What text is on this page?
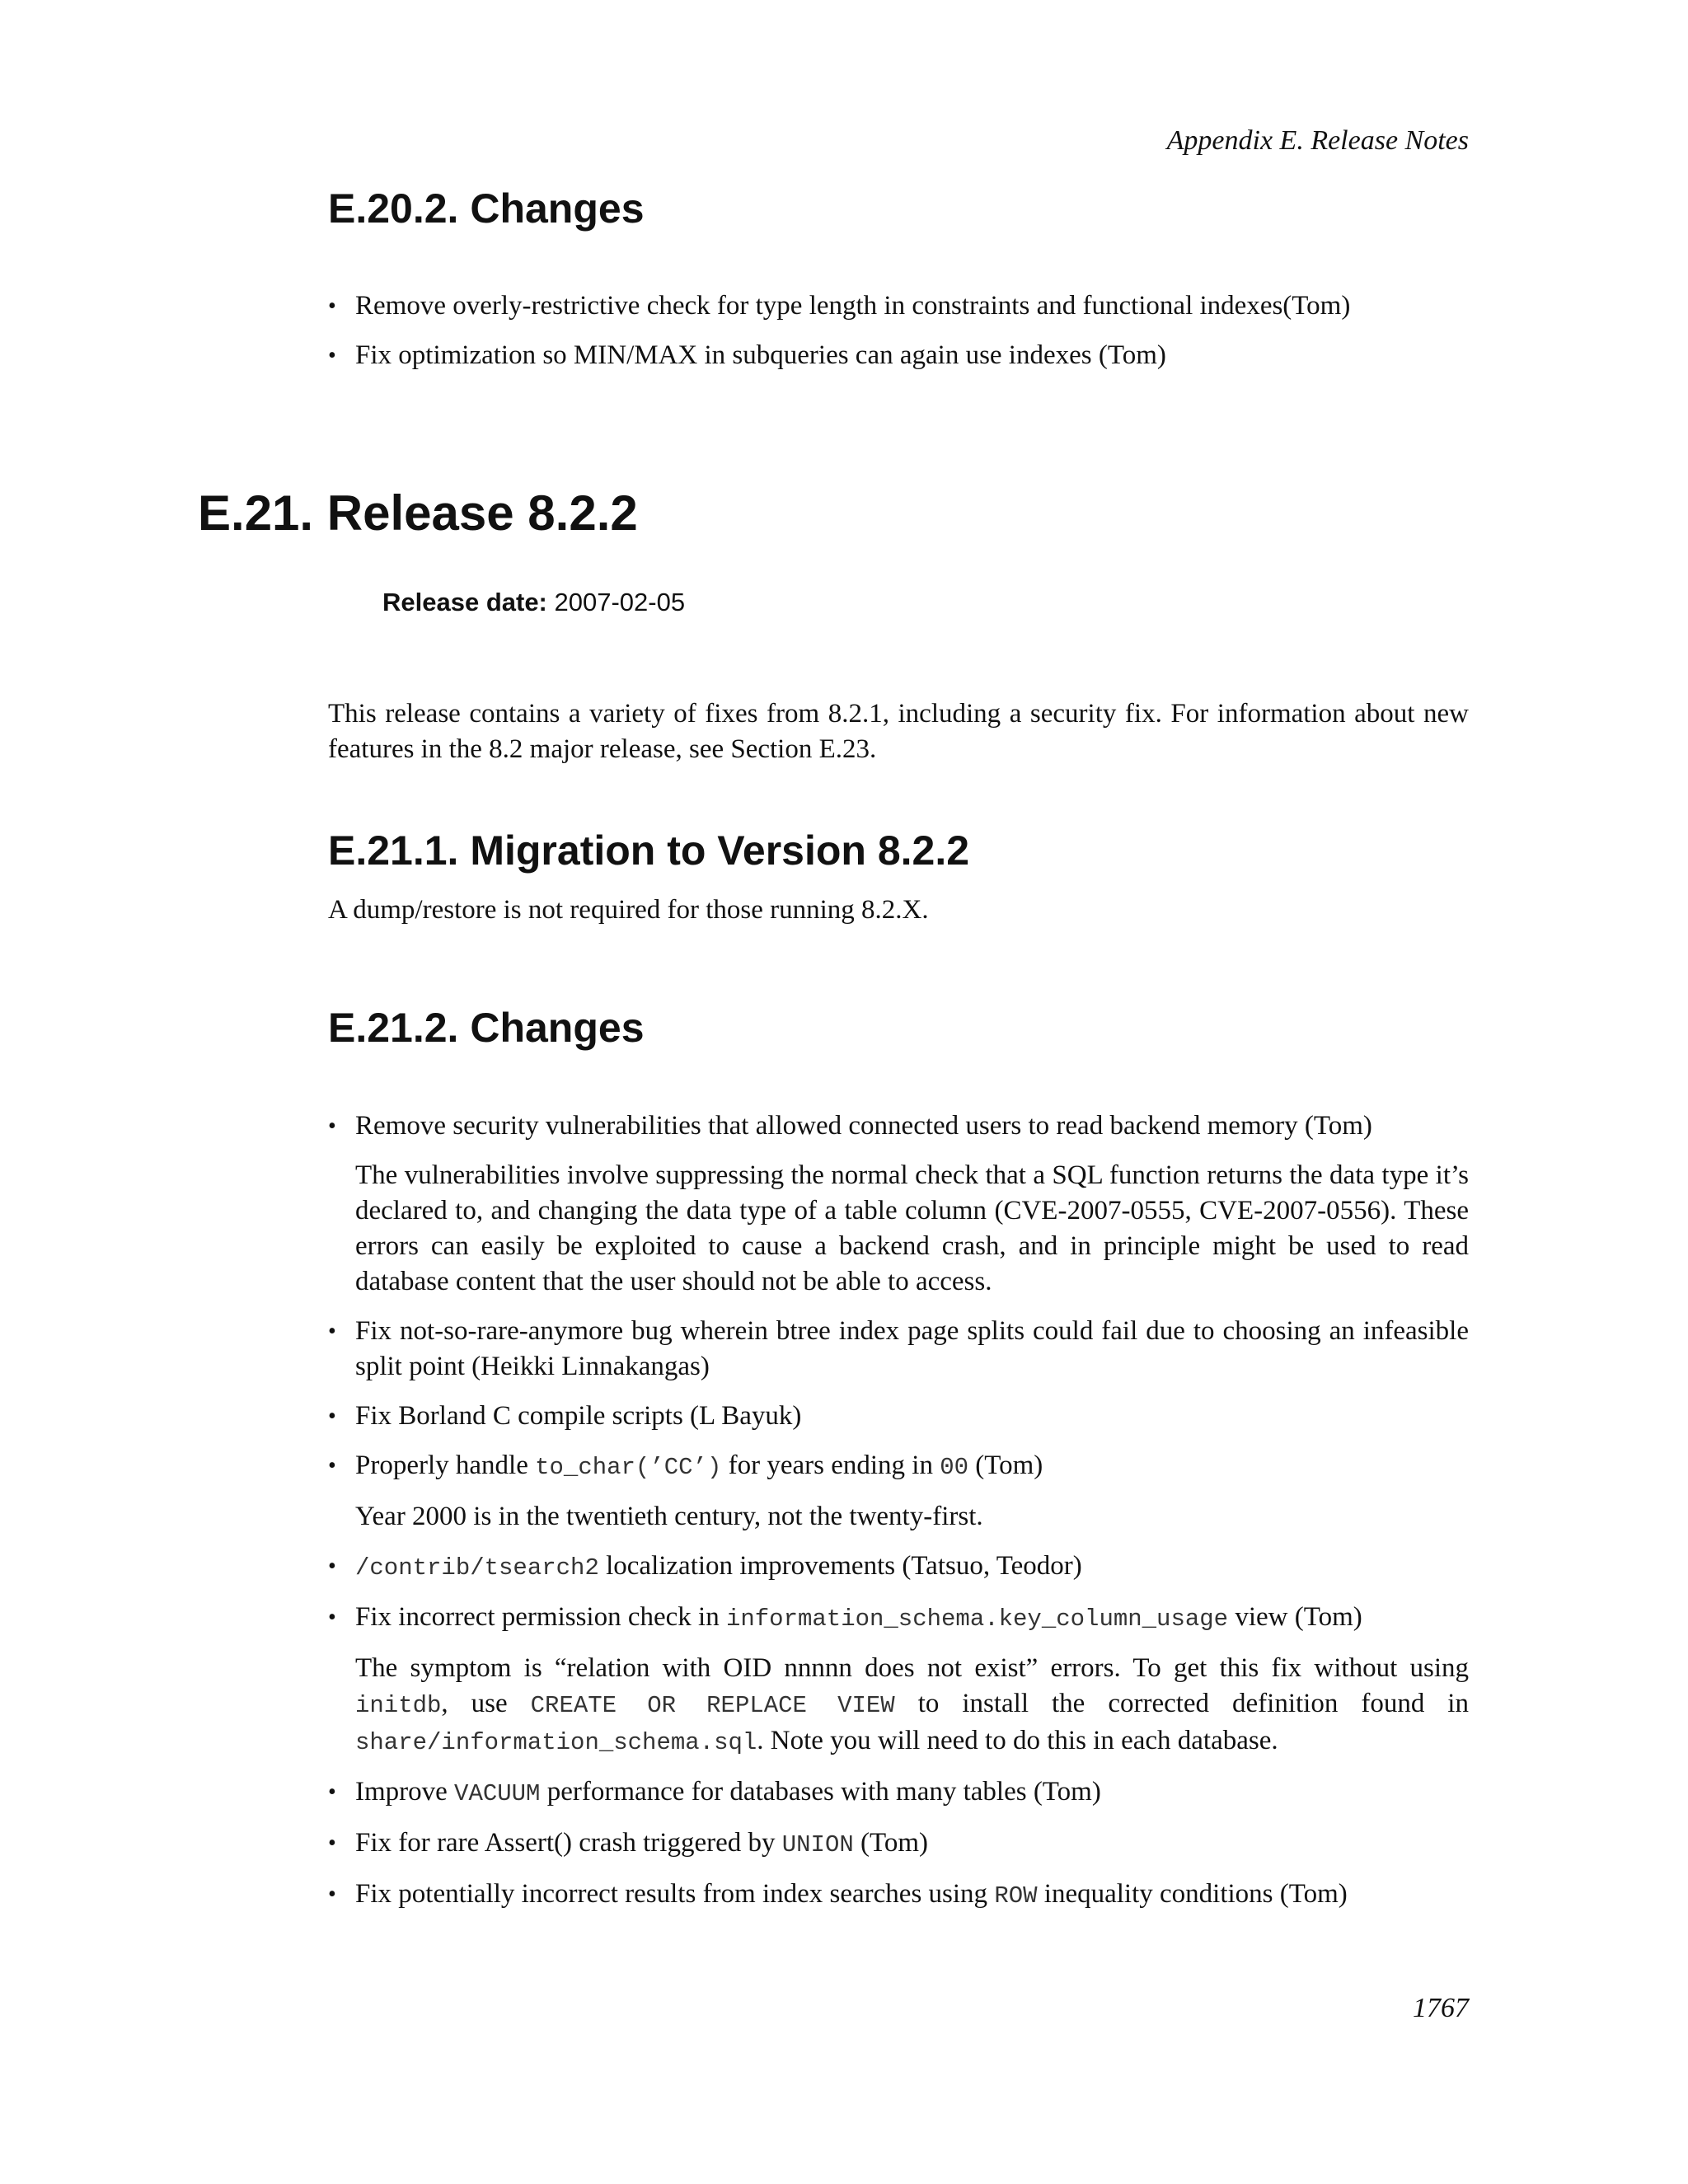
Appendix E. Release Notes
E.20.2. Changes
• Remove overly-restrictive check for type length in constraints and functional indexes(Tom)
• Fix optimization so MIN/MAX in subqueries can again use indexes (Tom)
E.21. Release 8.2.2
Release date: 2007-02-05

This release contains a variety of fixes from 8.2.1, including a security fix. For information about new features in the 8.2 major release, see Section E.23.

E.21.1. Migration to Version 8.2.2

A dump/restore is not required for those running 8.2.X.

E.21.2. Changes
• Remove security vulnerabilities that allowed connected users to read backend memory (Tom)
The vulnerabilities involve suppressing the normal check that a SQL function returns the data type it’s declared to, and changing the data type of a table column (CVE-2007-0555, CVE-2007-0556). These errors can easily be exploited to cause a backend crash, and in principle might be used to read database content that the user should not be able to access.
• Fix not-so-rare-anymore bug wherein btree index page splits could fail due to choosing an infeasible split point (Heikki Linnakangas)
• Fix Borland C compile scripts (L Bayuk)
• Properly handle to_char(’CC’) for years ending in 00 (Tom)
Year 2000 is in the twentieth century, not the twenty-first.
• /contrib/tsearch2 localization improvements (Tatsuo, Teodor)
• Fix incorrect permission check in information_schema.key_column_usage view (Tom)
The symptom is “relation with OID nnnnn does not exist” errors. To get this fix without using initdb, use CREATE OR REPLACE VIEW to install the corrected definition found in share/information_schema.sql. Note you will need to do this in each database.
• Improve VACUUM performance for databases with many tables (Tom)
• Fix for rare Assert() crash triggered by UNION (Tom)
• Fix potentially incorrect results from index searches using ROW inequality conditions (Tom)
1767
